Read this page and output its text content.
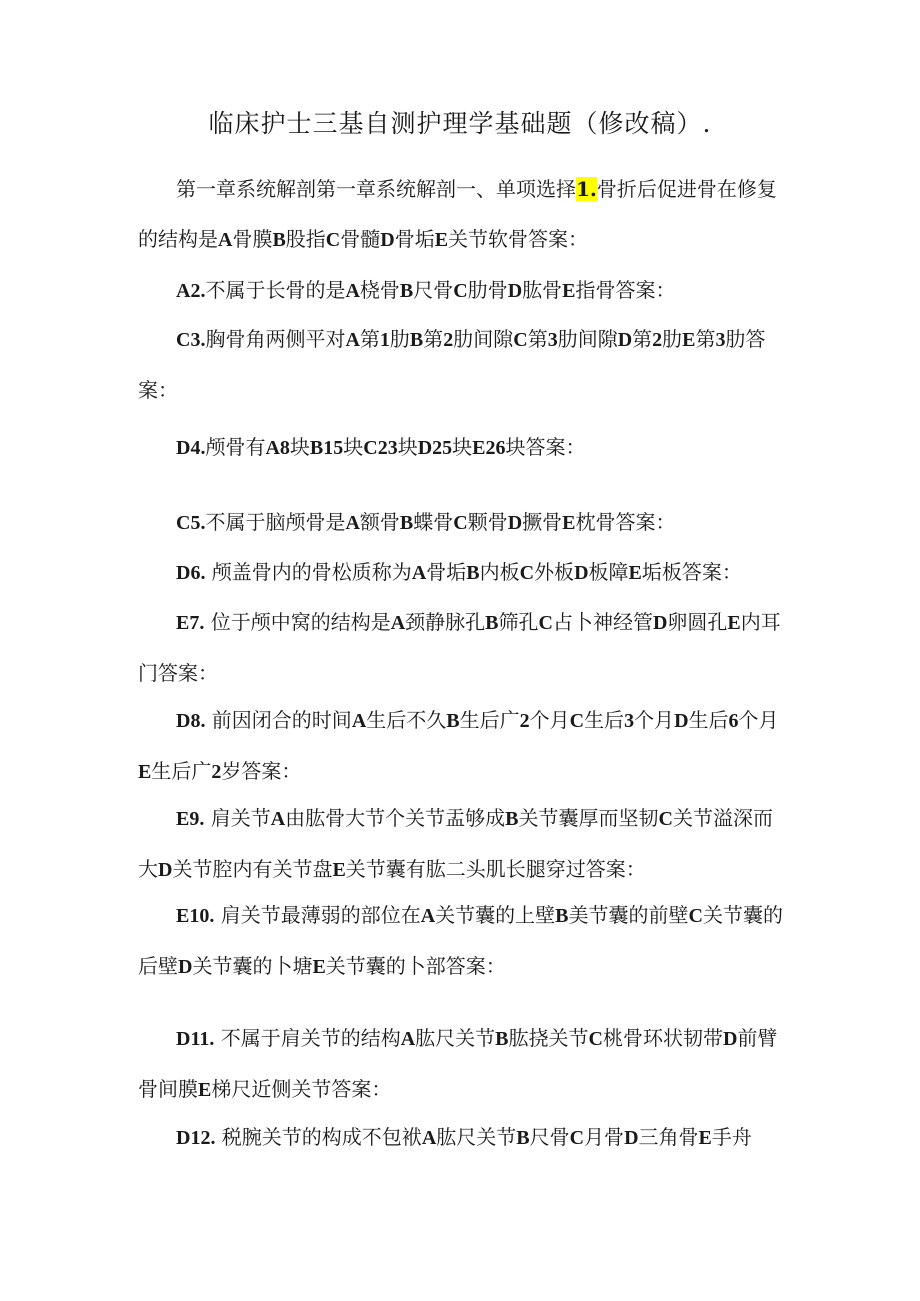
临床护士三基自测护理学基础题（修改稿）.
第一章系统解剖第一章系统解剖一、单项选择1.骨折后促进骨在修复的结构是A骨膜B股指C骨髓D骨垢E关节软骨答案：
A2.不属于长骨的是A桡骨B尺骨C肋骨D肱骨E指骨答案：
C3.胸骨角两侧平对A第1肋B第2肋间隙C第3肋间隙D第2肋E第3肋答案：
D4.颅骨有A8块B15块C23块D25块E26块答案：
C5.不属于脑颅骨是A额骨B蝶骨C颗骨D撅骨E枕骨答案：
D6. 颅盖骨内的骨松质称为A骨垢B内板C外板D板障E垢板答案：
E7. 位于颅中窝的结构是A颈静脉孔B筛孔C占卜神经管D卵圆孔E内耳门答案：
D8. 前因闭合的时间A生后不久B生后广2个月C生后3个月D生后6个月E生后广2岁答案：
E9. 肩关节A由肱骨大节个关节盂够成B关节囊厚而坚韧C关节溢深而大D关节腔内有关节盘E关节囊有肱二头肌长腿穿过答案：
E10. 肩关节最薄弱的部位在A关节囊的上壁B美节囊的前壁C关节囊的后壁D关节囊的卜塘E关节囊的卜部答案：
D11. 不属于肩关节的结构A肱尺关节B肱挠关节C桃骨环状韧带D前臂骨间膜E梯尺近侧关节答案：
D12. 税腕关节的构成不包袱A肱尺关节B尺骨C月骨D三角骨E手舟
